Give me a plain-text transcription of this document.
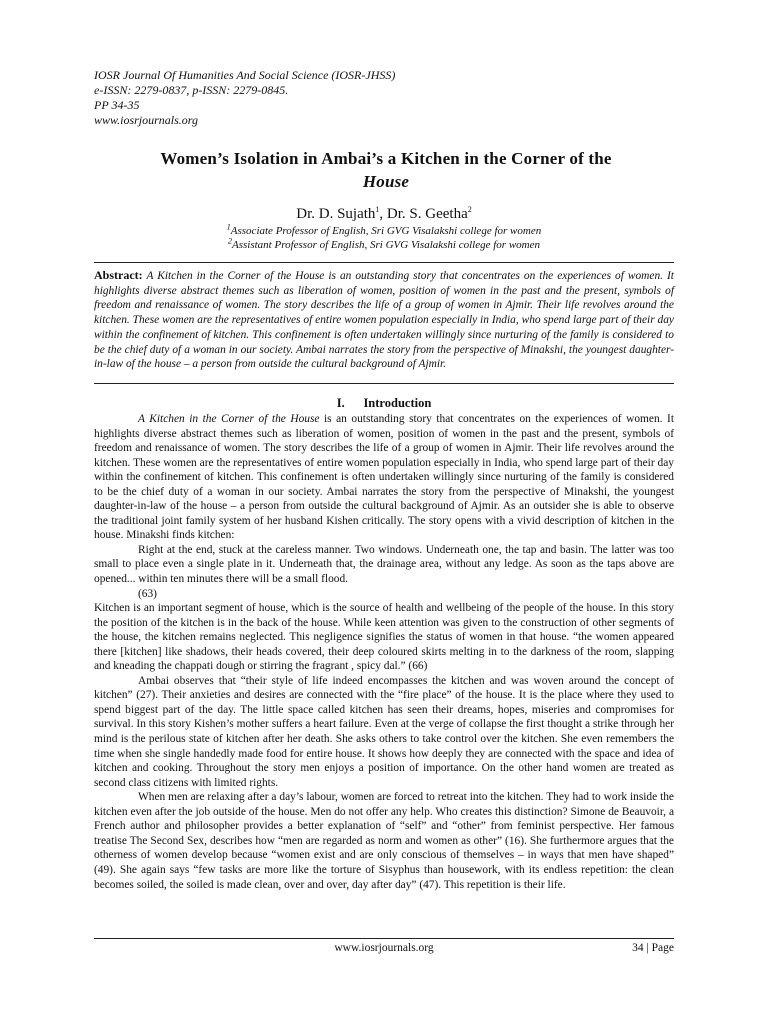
IOSR Journal Of Humanities And Social Science (IOSR-JHSS)
e-ISSN: 2279-0837, p-ISSN: 2279-0845.
PP 34-35
www.iosrjournals.org
Women’s Isolation in Ambai’s a Kitchen in the Corner of the
House
Dr. D. Sujath$^1$, Dr. S. Geetha$^2$
$^1$Associate Professor of English, Sri GVG Visalakshi college for women
$^2$Assistant Professor of English, Sri GVG Visalakshi college for women
Abstract: A Kitchen in the Corner of the House is an outstanding story that concentrates on the experiences of women. It highlights diverse abstract themes such as liberation of women, position of women in the past and the present, symbols of freedom and renaissance of women. The story describes the life of a group of women in Ajmir. Their life revolves around the kitchen. These women are the representatives of entire women population especially in India, who spend large part of their day within the confinement of kitchen. This confinement is often undertaken willingly since nurturing of the family is considered to be the chief duty of a woman in our society. Ambai narrates the story from the perspective of Minakshi, the youngest daughter-in-law of the house – a person from outside the cultural background of Ajmir.
I.      Introduction

A Kitchen in the Corner of the House is an outstanding story that concentrates on the experiences of women. It highlights diverse abstract themes such as liberation of women, position of women in the past and the present, symbols of freedom and renaissance of women. The story describes the life of a group of women in Ajmir. Their life revolves around the kitchen. These women are the representatives of entire women population especially in India, who spend large part of their day within the confinement of kitchen. This confinement is often undertaken willingly since nurturing of the family is considered to be the chief duty of a woman in our society. Ambai narrates the story from the perspective of Minakshi, the youngest daughter-in-law of the house – a person from outside the cultural background of Ajmir. As an outsider she is able to observe the traditional joint family system of her husband Kishen critically. The story opens with a vivid description of kitchen in the house. Minakshi finds kitchen:

Right at the end, stuck at the careless manner. Two windows. Underneath one, the tap and basin. The latter was too small to place even a single plate in it. Underneath that, the drainage area, without any ledge. As soon as the taps above are opened... within ten minutes there will be a small flood.

(63)

Kitchen is an important segment of house, which is the source of health and wellbeing of the people of the house. In this story the position of the kitchen is in the back of the house. While keen attention was given to the construction of other segments of the house, the kitchen remains neglected. This negligence signifies the status of women in that house. “the women appeared there [kitchen] like shadows, their heads covered, their deep coloured skirts melting in to the darkness of the room, slapping and kneading the chappati dough or stirring the fragrant , spicy dal.” (66)

Ambai observes that “their style of life indeed encompasses the kitchen and was woven around the concept of kitchen” (27). Their anxieties and desires are connected with the “fire place” of the house. It is the place where they used to spend biggest part of the day. The little space called kitchen has seen their dreams, hopes, miseries and compromises for survival. In this story Kishen’s mother suffers a heart failure. Even at the verge of collapse the first thought a strike through her mind is the perilous state of kitchen after her death. She asks others to take control over the kitchen. She even remembers the time when she single handedly made food for entire house. It shows how deeply they are connected with the space and idea of kitchen and cooking. Throughout the story men enjoys a position of importance. On the other hand women are treated as second class citizens with limited rights.

When men are relaxing after a day’s labour, women are forced to retreat into the kitchen. They had to work inside the kitchen even after the job outside of the house. Men do not offer any help. Who creates this distinction? Simone de Beauvoir, a French author and philosopher provides a better explanation of “self” and “other” from feminist perspective. Her famous treatise The Second Sex, describes how “men are regarded as norm and women as other” (16). She furthermore argues that the otherness of women develop because “women exist and are only conscious of themselves – in ways that men have shaped” (49). She again says “few tasks are more like the torture of Sisyphus than housework, with its endless repetition: the clean becomes soiled, the soiled is made clean, over and over, day after day” (47). This repetition is their life.

www.iosrjournals.org	34 | Page
